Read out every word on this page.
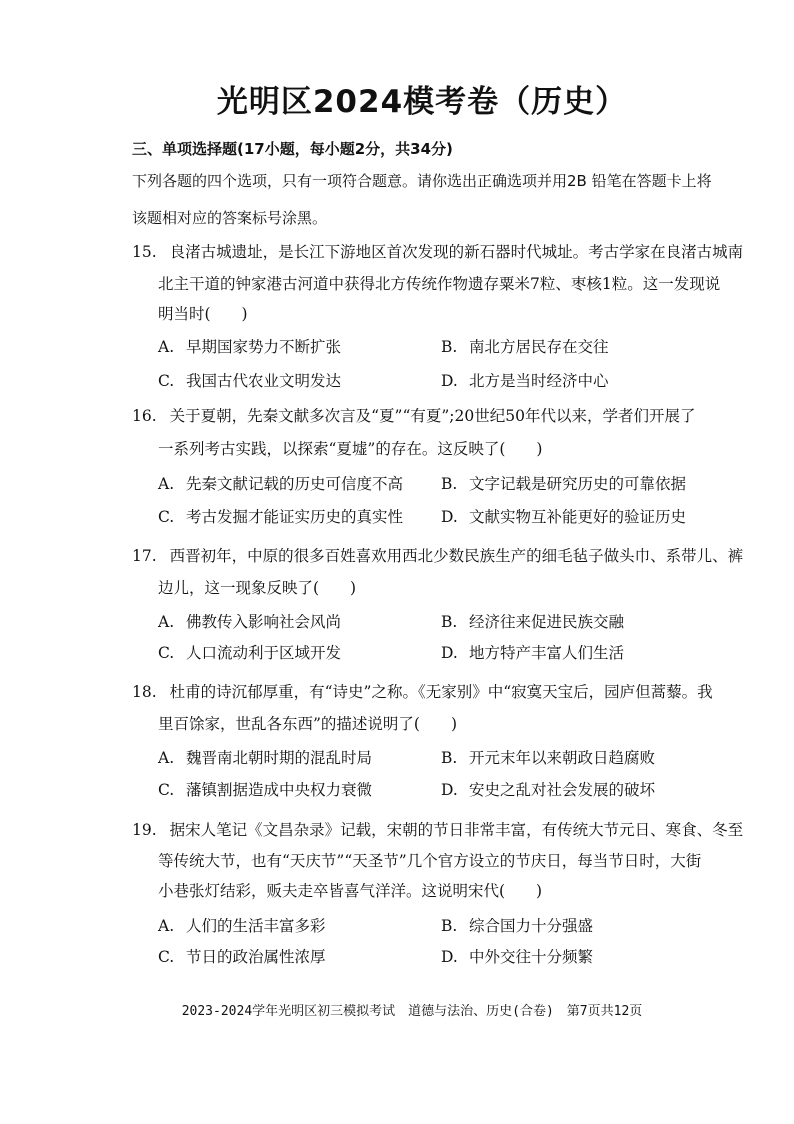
光明区2024模考卷（历史）
三、单项选择题(17小题，每小题2分，共34分)
下列各题的四个选项，只有一项符合题意。请你选出正确选项并用2B 铅笔在答题卡上将
该题相对应的答案标号涂黑。
15. 良渚古城遗址，是长江下游地区首次发现的新石器时代城址。考古学家在良渚古城南
北主干道的钟家港古河道中获得北方传统作物遗存粟米7粒、枣核1粒。这一发现说
明当时(　　)
A. 早期国家势力不断扩张	B. 南北方居民存在交往
C. 我国古代农业文明发达	D. 北方是当时经济中心
16. 关于夏朝，先秦文献多次言及“夏”“有夏”;20世纪50年代以来，学者们开展了
一系列考古实践，以探索“夏墟”的存在。这反映了(　　)
A. 先秦文献记载的历史可信度不高 B. 文字记载是研究历史的可靠依据
C. 考古发掘才能证实历史的真实性 D. 文献实物互补能更好的验证历史
17. 西晋初年，中原的很多百姓喜欢用西北少数民族生产的细毛毡子做头巾、系带儿、裤
边儿，这一现象反映了(　　)
A. 佛教传入影响社会风尚	B. 经济往来促进民族交融
C. 人口流动利于区域开发	D. 地方特产丰富人们生活
18. 杜甫的诗沉郁厚重，有“诗史”之称。《无家别》中“寂寞天宝后，园庐但蒿藜。我
里百馀家，世乱各东西”的描述说明了(　　)
A. 魏晋南北朝时期的混乱时局	B. 开元末年以来朝政日趋腐败
C. 藩镇割据造成中央权力衰微	D. 安史之乱对社会发展的破坏
19. 据宋人笔记《文昌杂录》记载，宋朝的节日非常丰富，有传统大节元日、寒食、冬至
等传统大节，也有“天庆节”“天圣节”几个官方设立的节庆日，每当节日时，大街
小巷张灯结彩，贩夫走卒皆喜气洋洋。这说明宋代(　　)
A. 人们的生活丰富多彩	B. 综合国力十分强盛
C. 节日的政治属性浓厚	D. 中外交往十分频繁
2023-2024学年光明区初三模拟考试　道德与法治、历史(合卷)　第7页共12页
